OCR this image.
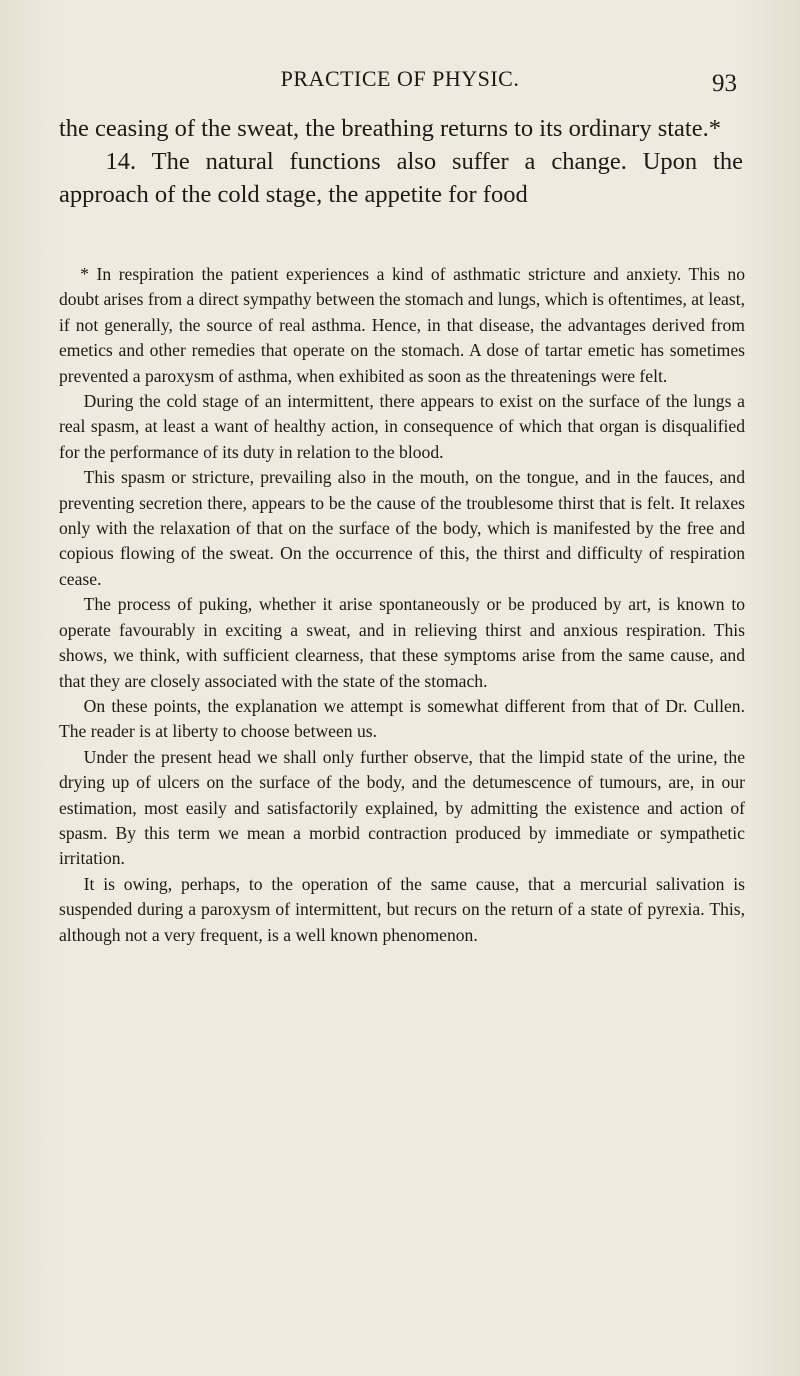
PRACTICE OF PHYSIC.	93

the ceasing of the sweat, the breathing returns to its ordinary state.*

14. The natural functions also suffer a change. Upon the approach of the cold stage, the appetite for food

* In respiration the patient experiences a kind of asthmatic stricture and anxiety. This no doubt arises from a direct sympathy between the stomach and lungs, which is oftentimes, at least, if not generally, the source of real asthma. Hence, in that disease, the advantages derived from emetics and other remedies that operate on the stomach. A dose of tartar emetic has sometimes prevented a paroxysm of asthma, when exhibited as soon as the threatenings were felt.

During the cold stage of an intermittent, there appears to exist on the surface of the lungs a real spasm, at least a want of healthy action, in consequence of which that organ is disqualified for the performance of its duty in relation to the blood.

This spasm or stricture, prevailing also in the mouth, on the tongue, and in the fauces, and preventing secretion there, appears to be the cause of the troublesome thirst that is felt. It relaxes only with the relaxation of that on the surface of the body, which is manifested by the free and copious flowing of the sweat. On the occurrence of this, the thirst and difficulty of respiration cease.

The process of puking, whether it arise spontaneously or be produced by art, is known to operate favourably in exciting a sweat, and in relieving thirst and anxious respiration. This shows, we think, with sufficient clearness, that these symptoms arise from the same cause, and that they are closely associated with the state of the stomach.

On these points, the explanation we attempt is somewhat different from that of Dr. Cullen. The reader is at liberty to choose between us.

Under the present head we shall only further observe, that the limpid state of the urine, the drying up of ulcers on the surface of the body, and the detumescence of tumours, are, in our estimation, most easily and satisfactorily explained, by admitting the existence and action of spasm. By this term we mean a morbid contraction produced by immediate or sympathetic irritation.

It is owing, perhaps, to the operation of the same cause, that a mercurial salivation is suspended during a paroxysm of intermittent, but recurs on the return of a state of pyrexia. This, although not a very frequent, is a well known phenomenon.
